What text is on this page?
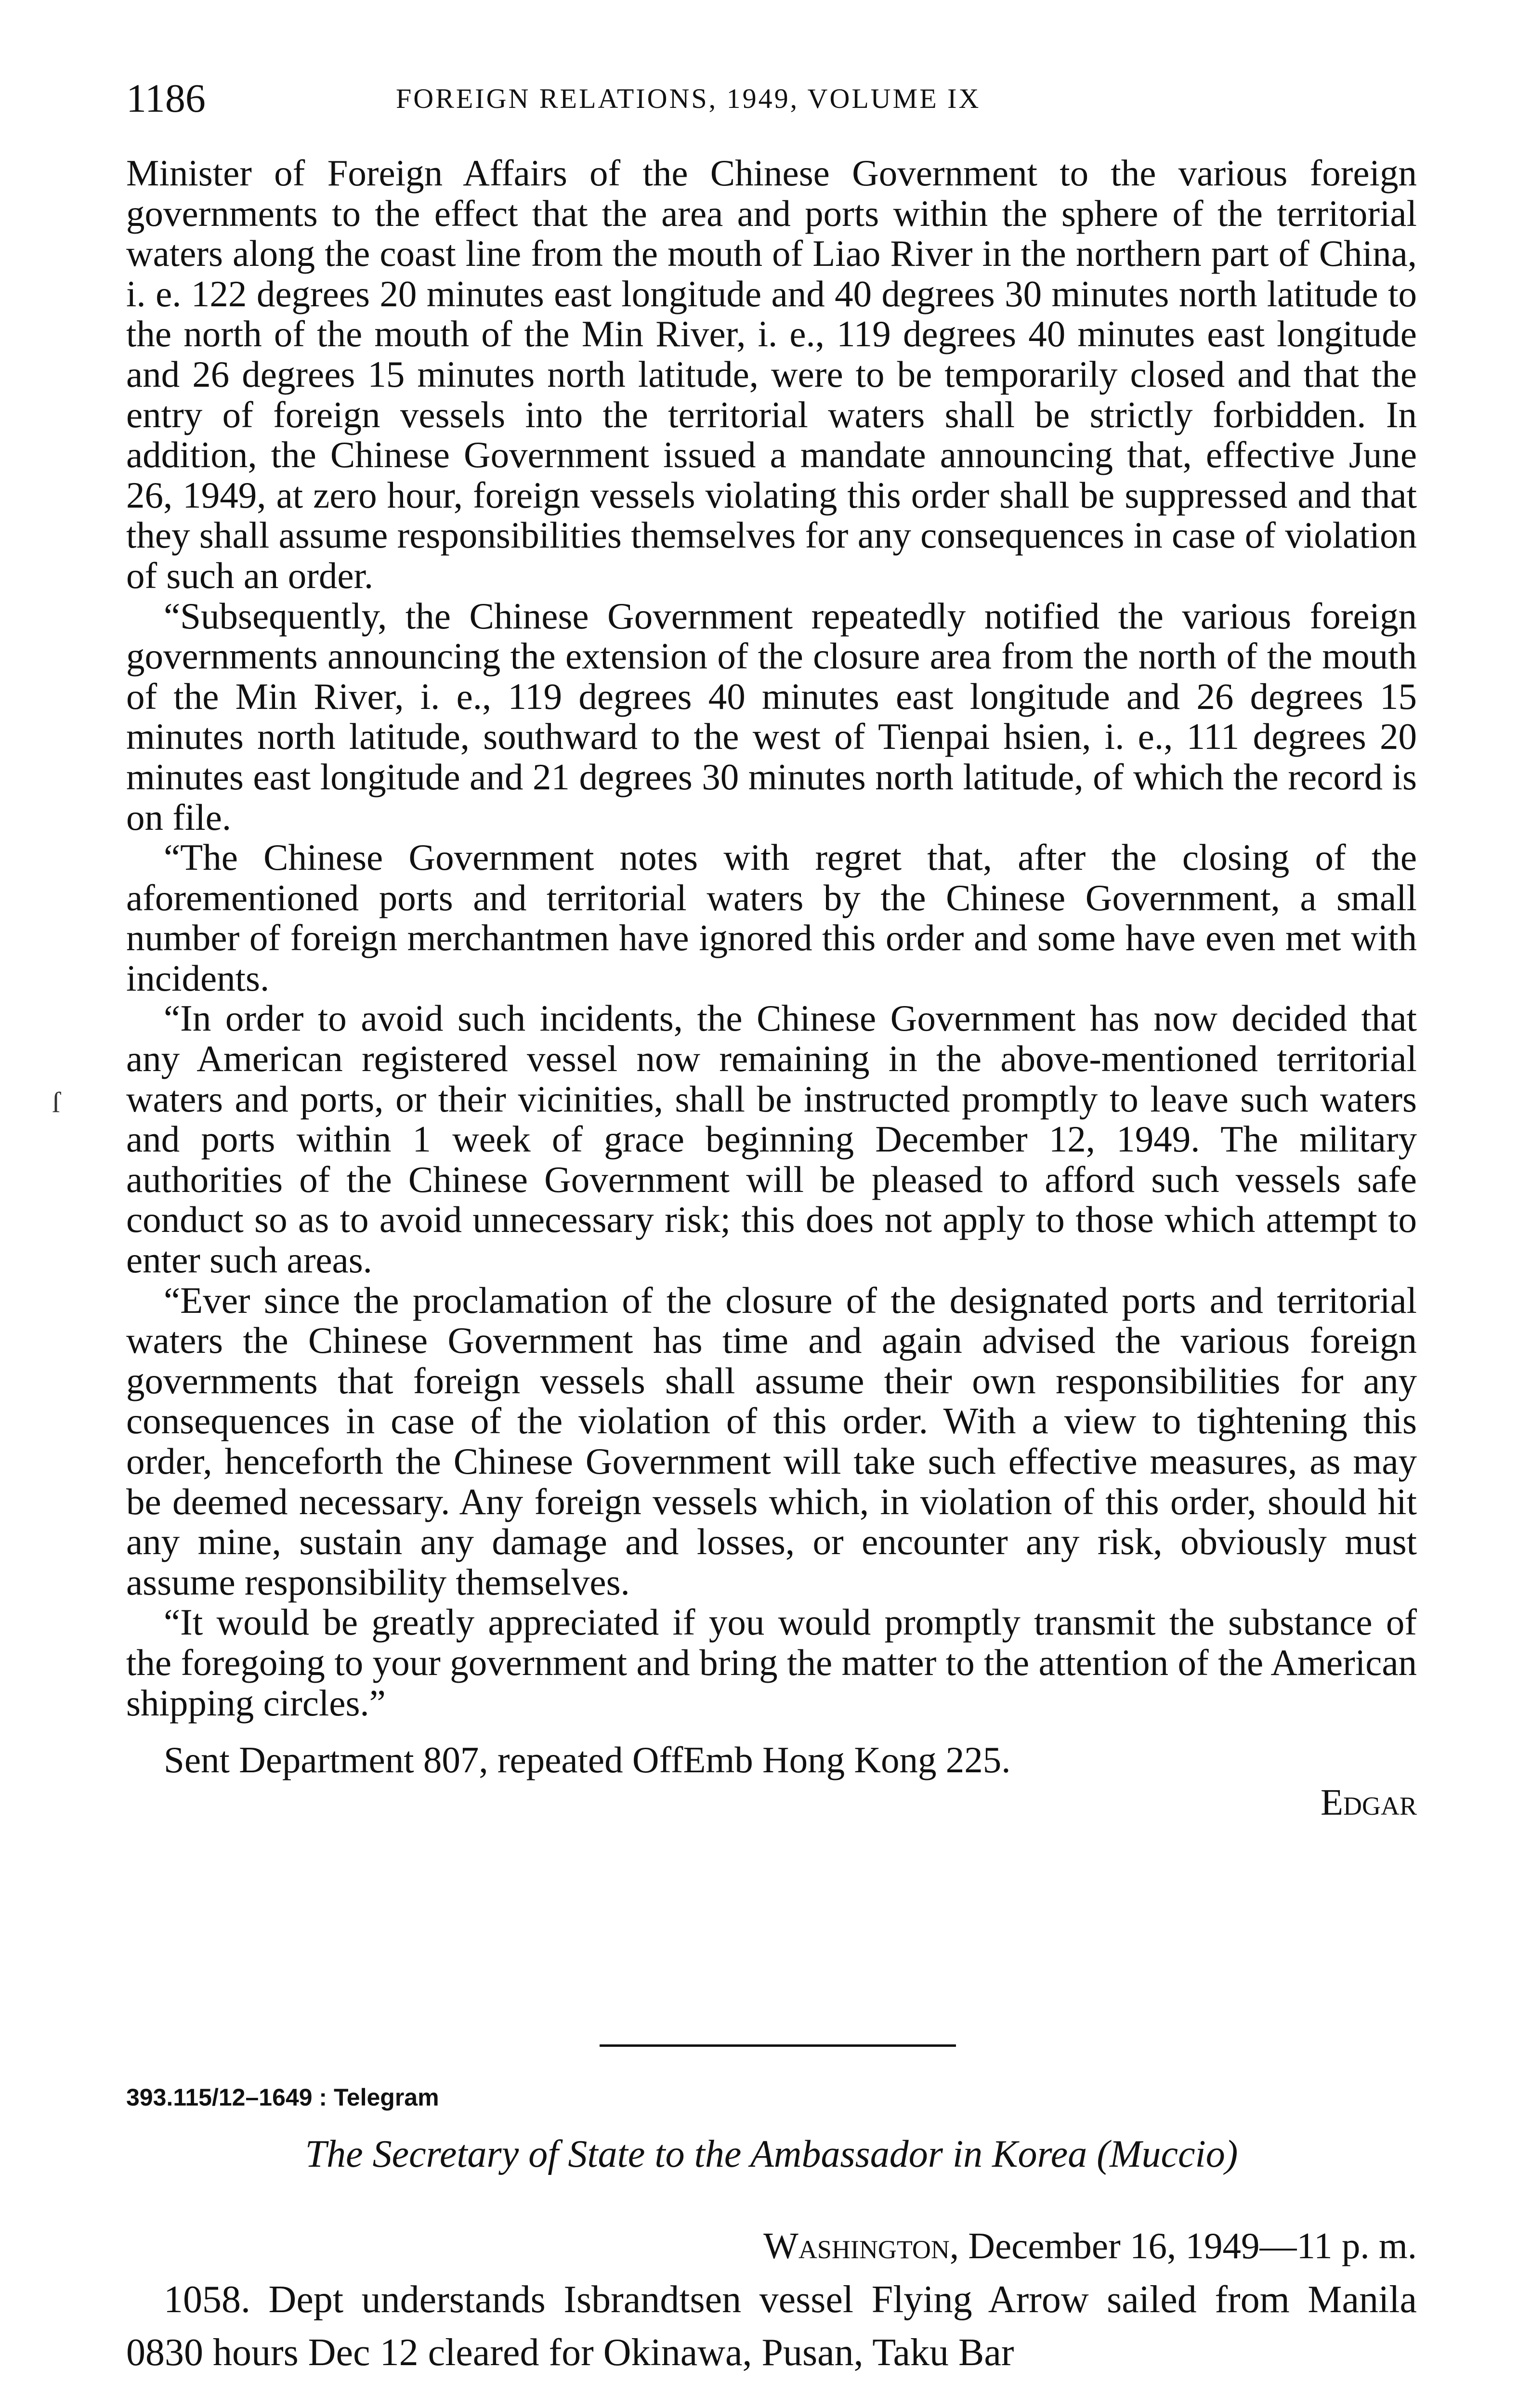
1186	FOREIGN RELATIONS, 1949, VOLUME IX
ſ

Minister of Foreign Affairs of the Chinese Government to the various foreign governments to the effect that the area and ports within the sphere of the territorial waters along the coast line from the mouth of Liao River in the northern part of China, i. e. 122 degrees 20 minutes east longitude and 40 degrees 30 minutes north latitude to the north of the mouth of the Min River, i. e., 119 degrees 40 minutes east longitude and 26 degrees 15 minutes north latitude, were to be temporarily closed and that the entry of foreign vessels into the territorial waters shall be strictly forbidden. In addition, the Chinese Government issued a mandate announcing that, effective June 26, 1949, at zero hour, foreign vessels violating this order shall be suppressed and that they shall assume responsibilities themselves for any consequences in case of violation of such an order.

“Subsequently, the Chinese Government repeatedly notified the various foreign governments announcing the extension of the closure area from the north of the mouth of the Min River, i. e., 119 degrees 40 minutes east longitude and 26 degrees 15 minutes north latitude, southward to the west of Tienpai hsien, i. e., 111 degrees 20 minutes east longitude and 21 degrees 30 minutes north latitude, of which the record is on file.

“The Chinese Government notes with regret that, after the closing of the aforementioned ports and territorial waters by the Chinese Government, a small number of foreign merchantmen have ignored this order and some have even met with incidents.

“In order to avoid such incidents, the Chinese Government has now decided that any American registered vessel now remaining in the above-mentioned territorial waters and ports, or their vicinities, shall be instructed promptly to leave such waters and ports within 1 week of grace beginning December 12, 1949. The military authorities of the Chinese Government will be pleased to afford such vessels safe conduct so as to avoid unnecessary risk; this does not apply to those which attempt to enter such areas.

“Ever since the proclamation of the closure of the designated ports and territorial waters the Chinese Government has time and again advised the various foreign governments that foreign vessels shall assume their own responsibilities for any consequences in case of the violation of this order. With a view to tightening this order, henceforth the Chinese Government will take such effective measures, as may be deemed necessary. Any foreign vessels which, in violation of this order, should hit any mine, sustain any damage and losses, or encounter any risk, obviously must assume responsibility themselves.

“It would be greatly appreciated if you would promptly transmit the substance of the foregoing to your government and bring the matter to the attention of the American shipping circles.”

Sent Department 807, repeated OffEmb Hong Kong 225.

Edgar

393.115/12–1649 : Telegram
The Secretary of State to the Ambassador in Korea (Muccio)
Washington, December 16, 1949—11 p. m.

1058. Dept understands Isbrandtsen vessel Flying Arrow sailed from Manila 0830 hours Dec 12 cleared for Okinawa, Pusan, Taku Bar
